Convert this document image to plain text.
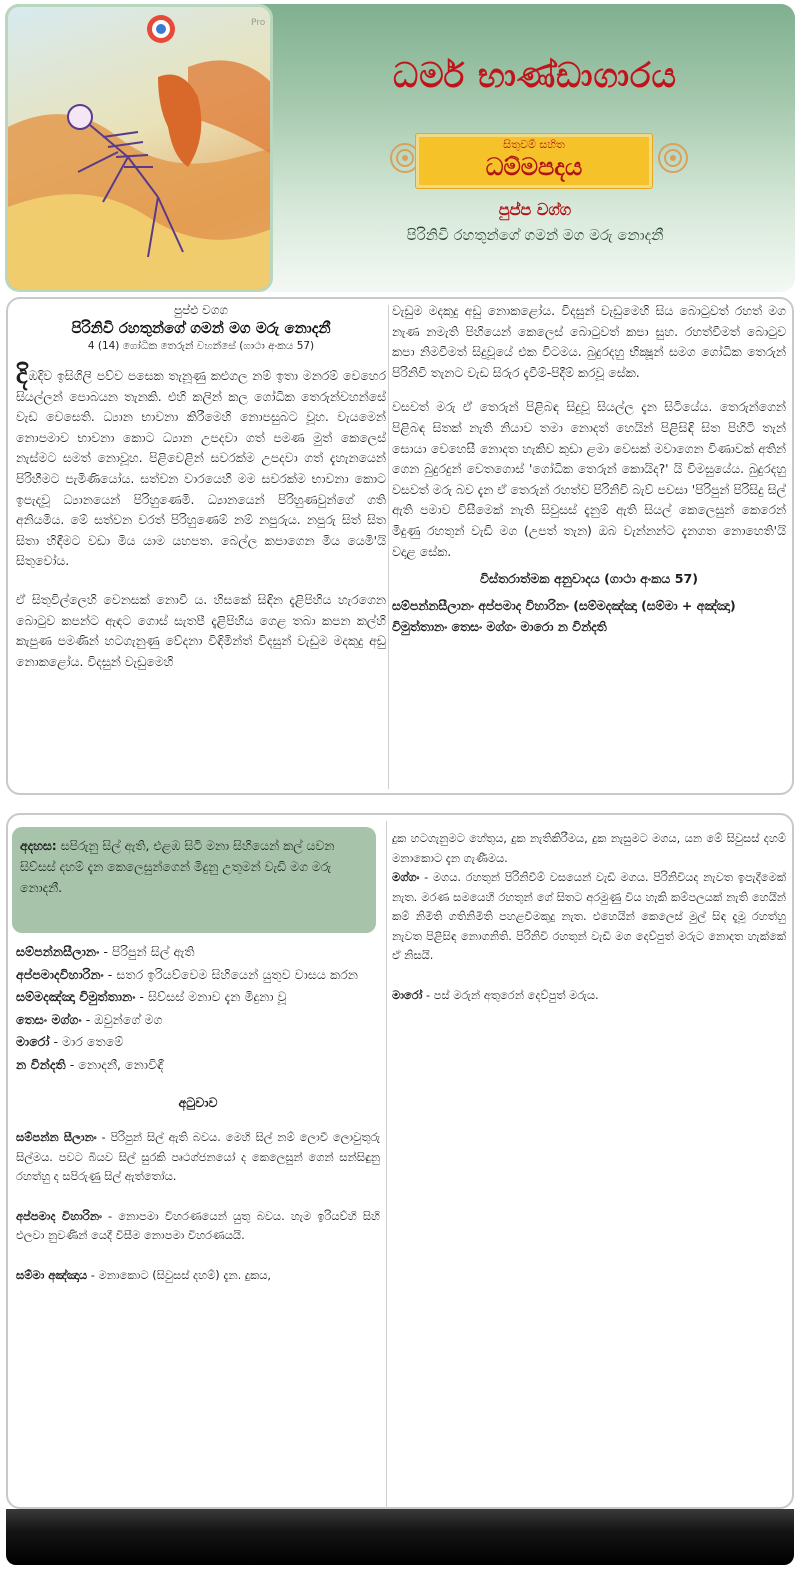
Pro
ධර්ම භාණ්ඩාගාරය
සිතුවම් සහිත
ධම්මපදය
පුප්ප වග්ග
පිරිනිවි රහතුන්ගේ ගමන් මග මරු නොදනී
පුප්ඵ වගග
පිරිනිවි රහතුන්ගේ ගමන් මග මරු නොදනී
4 (14) ගෝධික තෙරුන් වහන්සේ (ගාථා අංකය 57)
දිඹදිව ඉසිගිලි පව්ව පසෙක තැනූණු කළුගල නම් ඉතා මනරම් වෙහෙර සියල්ලන් පොබයන තැනකි. එහි කලින් කල ගෝධික තෙරුන්වහන්සේ වැඩ වෙසෙති. ධ්‍යාන භාවනා කිරීමෙහි නොපසුබට වූහ. වැයමෙන් නොපමාව භාවනා කොට ධ්‍යාන උපදවා ගත් පමණ මුත් කෙලෙස් නැස්මට සමත් නොවූහ. පිළිවෙළින් සවරක්ම උපදවා ගත් දැහැනයෙන් පිරිහීමට පැමිණියෝය. සත්වන වාරයෙහි මම සවරක්ම භාවනා කොට ඉපැදවූ ධ්‍යානයෙන් පිරිහුණෙමි. ධ්‍යානයෙන් පිරිහුණවුන්ගේ ගති අනියමිය. මේ සත්වන වරත් පිරිහුණෙම් නම් නපුරුය. නපුරු සිත් සිත සිතා හිඳීමට වඩා මිය යාම යහපත. බෙල්ල කපාගෙන මිය යෙමි'යි සිතුවෝය.
ඒ සිතුවිල්ලෙහි වෙනසක් නොවී ය. හිසකේ සිඳින දැළිපිහිය හැරගෙන බොටුව කපන්ට ඇඳට ගොස් සැතපී දැළිපිහිය ගෙළ තබා කපන කල්හි කැපුණ පමණින් හටගැනුණු වේදනා විඳිමින්ත් විදසුන් වැඩුම මදකුදු අඩු නොකළෝය. විදසුන් වැඩුමෙහි
වැඩුම මදකුදු අඩු නොකළෝය. විදසුන් වැඩුමෙහි සිය බොටුවත් රහත් මග නැණ නමැති පිහියෙන් කෙලෙස් බොටුවත් කපා සුහ. රහත්වීමත් බොටුව කපා නිමවීමත් සිදුවූයේ එක විටමය. බුදුරදහු භික්‍ෂූන් සමග ගෝධික තෙරුන් පිරිනිවි තැනට වැඩ සිරුර දැවීම්-පිදීම් කරවූ සේක.
වසවත් මරු ඒ තෙරුන් පිළිබඳ සිදුවූ සියල්ල දැන සිටියේය. තෙරුන්ගෙන් පිළිබඳ සිතක් නැති නියාව තමා නොදත් හෙයින් පිළිසිඳි සිත පිහිටි තැන් සොයා වෙහෙසී නොදත හැකිව කුඩා ළමා වෙසක් මවාගෙන විණාවක් අතින් ගෙන බුදුරදුන් වෙතගොස් 'ගෝධික තෙරුන් කොයිද?' යි විමසුයේය. බුදුරදහු වසවත් මරු බව දැන ඒ තෙරුන් රහත්ව පිරිනිවි බැව් පවසා 'පිරිපුන් පිරිසිදු සිල් ඇති පමාව විසීමෙක් නැති සිවුසස් දැනුම් ඇති සියල් කෙලෙසුන් කෙරෙන් මිදුණු රහතුන් වැඩි මග (උපත් තැන) ඔබ වැන්නන්ට දැනගත නොහෙති'යි වදාළ සේක.
විස්තරාත්මක අනුවාදය (ගාථා අංකය 57)
සම්පන්නසීලානං අප්පමාද විහාරිනං (සම්මදඤ්ඤා (සම්මා + අඤ්ඤා) විමුත්තානං තෙසං මග්ගං මාරො න වින්දති
අදහස: සපිරුනු සිල් ඇති, එළඹ සිටි මනා සිහියෙන් කල් යවන සිව්සස් දහම් දැන කෙලෙසුන්ගෙන් මිදුනු උතුමන් වැඩි මග මරු නොදනී.
සම්පන්නසීලානං - පිරිපුන් සිල් ඇති
අප්පමාදවිහාරිනං - සතර ඉරියව්වෙම සිහියෙන් යුතුව වාසය කරන
සම්මදඤ්ඤා විමුත්තානං - සිව්සස් මනාව දැන මිදුනා වූ
තෙසං මග්ගං - ඔවුන්ගේ මග
මාරෝ - මාර තෙමේ
න වින්දති - නොදනී, නොවිඳී
අටුවාව
සම්පන්න සීලානං - පිරිපුන් සිල් ඇති බවය. මෙහි සිල් නම් ලොවී ලොවුතුරු සිල්මය. පවට බියව සිල් සුරකි පෘථග්ජනයෝ ද කෙලෙසුන් ගෙන් සන්සිඳුනු රහත්හු ද සපිරුණු සිල් ඇත්තෝය.
අප්පමාද විහාරිනං - නොපමා විහරණයෙන් යුතු බවය. හැම ඉරියව්හි සිහි එලවා නුවණින් යෙදී විසීම නොපමා විහරණයයි.
සම්මා අඤ්ඤාය - මනාකොට (සිවුසස් දහම්) දැන. දුකය,
දුක හටගැනුමට හේතුය, දුක නැතිකිරීමය, දුක නැසුමට මගය, යන මේ සිවුසස් දහම් මනාකොට දැන ගැණීමය.
මග්ගං - මගය. රහතුන් පිරිනිවීම් වසයෙන් වැඩි මගය. පිරිනිවියද නැවත ඉපැදීමෙක් නැත. මරණ සමයෙහි රහතුන් ගේ සිතට අරමුණු විය හැකි කම්පලයක් නැති හෙයින් කම් නිමිති ගතිනිමිති පහළවීමකුදු නැත. එහෙයින් කෙලෙස් මුල් සිඳ දැමූ රහත්හු නැවත පිළිසිඳ නොගනිති. පිරිනිවි රහතුන් වැඩි මග දෙව්පුත් මරුට නොදත හැක්කේ ඒ නිසයි.
මාරෝ - පස් මරුන් අතුරෙන් දෙව්පුත් මරුය.
